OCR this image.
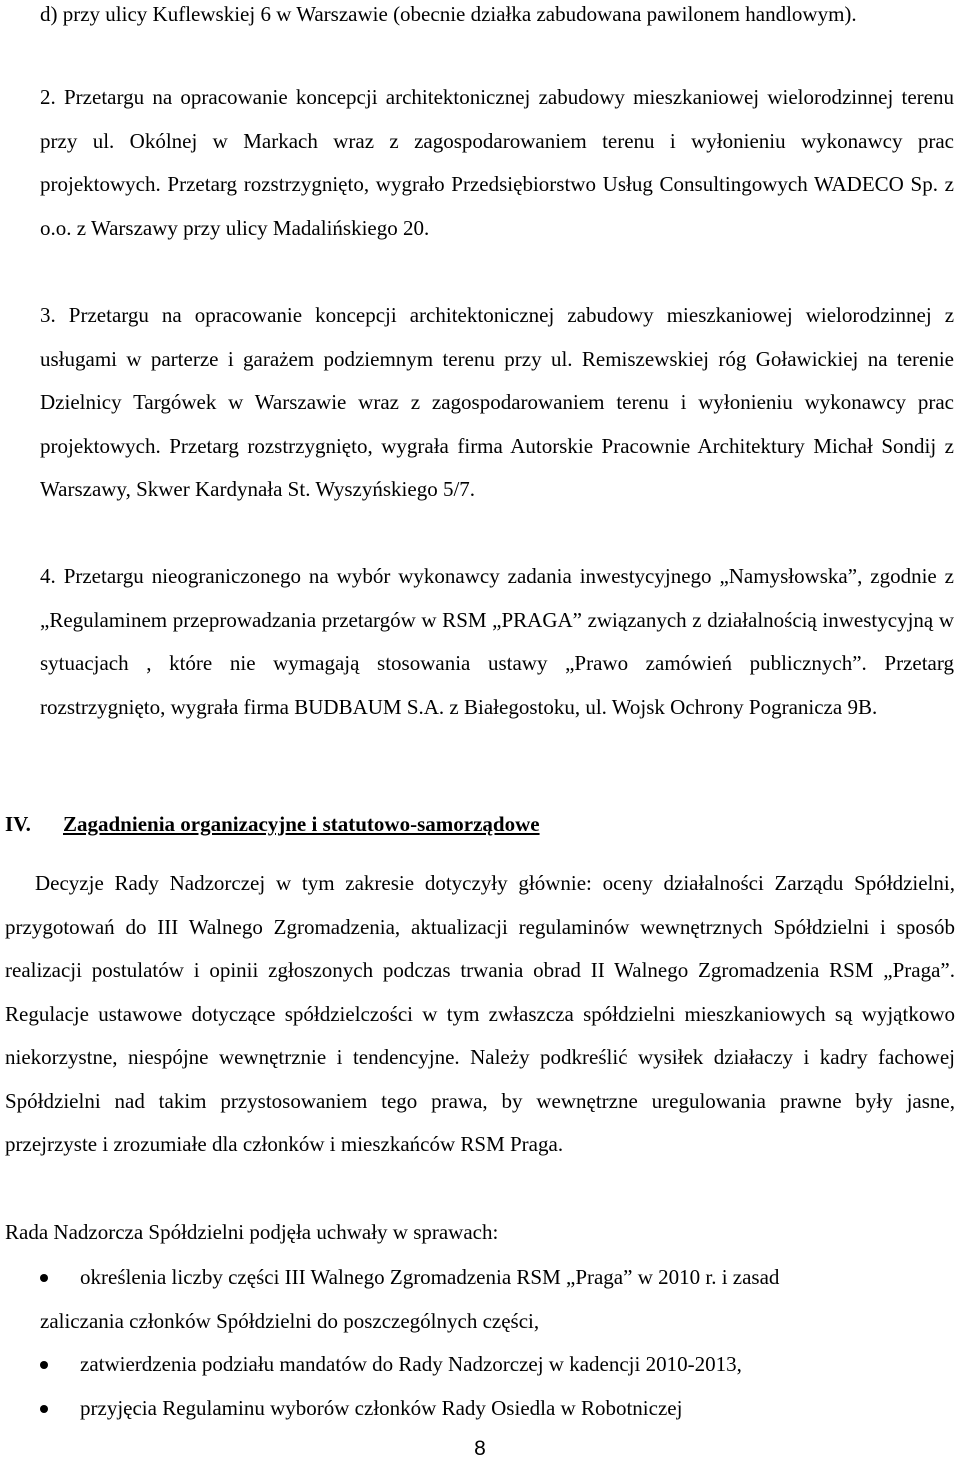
d) przy ulicy Kuflewskiej 6 w Warszawie (obecnie działka zabudowana pawilonem handlowym).
2. Przetargu na opracowanie koncepcji architektonicznej zabudowy mieszkaniowej wielorodzinnej terenu przy ul. Okólnej w Markach wraz z zagospodarowaniem terenu i wyłonieniu wykonawcy prac projektowych. Przetarg rozstrzygnięto, wygrało Przedsiębiorstwo Usług Consultingowych WADECO Sp. z o.o. z Warszawy przy ulicy Madalińskiego 20.
3. Przetargu na opracowanie koncepcji architektonicznej zabudowy mieszkaniowej wielorodzinnej z usługami w parterze i garażem podziemnym terenu przy ul. Remiszewskiej róg Goławickiej na terenie Dzielnicy Targówek w Warszawie wraz z zagospodarowaniem terenu i wyłonieniu wykonawcy prac projektowych. Przetarg rozstrzygnięto, wygrała firma Autorskie Pracownie Architektury Michał Sondij z Warszawy, Skwer Kardynała St. Wyszyńskiego 5/7.
4. Przetargu nieograniczonego na wybór wykonawcy zadania inwestycyjnego „Namysłowska”, zgodnie z „Regulaminem przeprowadzania przetargów w RSM „PRAGA” związanych z działalnością inwestycyjną w sytuacjach , które nie wymagają stosowania ustawy „Prawo zamówień publicznych”. Przetarg rozstrzygnięto, wygrała firma BUDBAUM S.A. z Białegostoku, ul. Wojsk Ochrony Pogranicza 9B.
IV. Zagadnienia organizacyjne i statutowo-samorządowe

Decyzje Rady Nadzorczej w tym zakresie dotyczyły głównie: oceny działalności Zarządu Spółdzielni, przygotowań do III Walnego Zgromadzenia, aktualizacji regulaminów wewnętrznych Spółdzielni i sposób realizacji postulatów i opinii zgłoszonych podczas trwania obrad II Walnego Zgromadzenia RSM „Praga”. Regulacje ustawowe dotyczące spółdzielczości w tym zwłaszcza spółdzielni mieszkaniowych są wyjątkowo niekorzystne, niespójne wewnętrznie i tendencyjne. Należy podkreślić wysiłek działaczy i kadry fachowej Spółdzielni nad takim przystosowaniem tego prawa, by wewnętrzne uregulowania prawne były jasne, przejrzyste i zrozumiałe dla członków i mieszkańców RSM Praga.

Rada Nadzorcza Spółdzielni podjęła uchwały w sprawach:

określenia liczby części III Walnego Zgromadzenia RSM „Praga” w 2010 r. i zasad
zaliczania członków Spółdzielni do poszczególnych części,
zatwierdzenia podziału mandatów do Rady Nadzorczej w kadencji 2010-2013,
przyjęcia Regulaminu wyborów członków Rady Osiedla w Robotniczej
8
